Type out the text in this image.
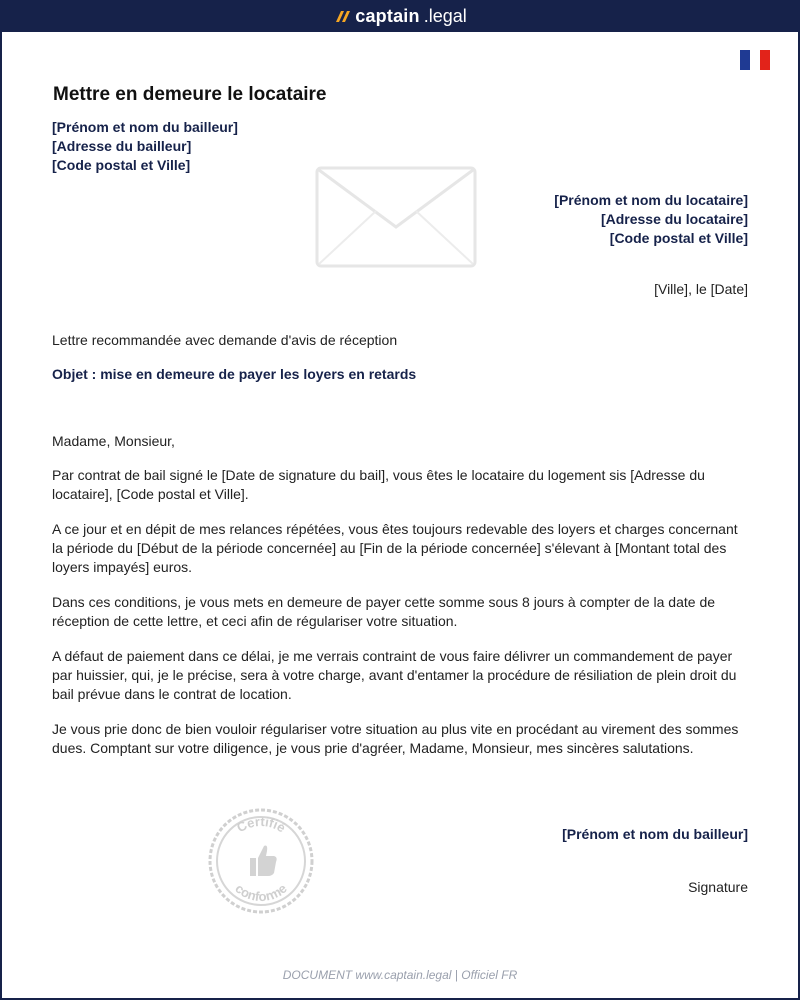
captain .legal
Mettre en demeure le locataire
[Prénom et nom du bailleur]
[Adresse du bailleur]
[Code postal et Ville]
[Prénom et nom du locataire]
[Adresse du locataire]
[Code postal et Ville]
[Ville], le [Date]
Lettre recommandée avec demande d'avis de réception
Objet : mise en demeure de payer les loyers en retards
Madame, Monsieur,
Par contrat de bail signé le [Date de signature du bail], vous êtes le locataire du logement sis [Adresse du locataire], [Code postal et Ville].
A ce jour et en dépit de mes relances répétées, vous êtes toujours redevable des loyers et charges concernant la période du [Début de la période concernée] au [Fin de la période concernée] s'élevant à [Montant total des loyers impayés] euros.
Dans ces conditions, je vous mets en demeure de payer cette somme sous 8 jours à compter de la date de réception de cette lettre, et ceci afin de régulariser votre situation.
A défaut de paiement dans ce délai, je me verrais contraint de vous faire délivrer un commandement de payer par huissier, qui, je le précise, sera à votre charge, avant d'entamer la procédure de résiliation de plein droit du bail prévue dans le contrat de location.
Je vous prie donc de bien vouloir régulariser votre situation au plus vite en procédant au virement des sommes dues. Comptant sur votre diligence, je vous prie d'agréer, Madame, Monsieur, mes sincères salutations.
Certifié
conforme
[Prénom et nom du bailleur]
Signature
DOCUMENT www.captain.legal | Officiel FR
